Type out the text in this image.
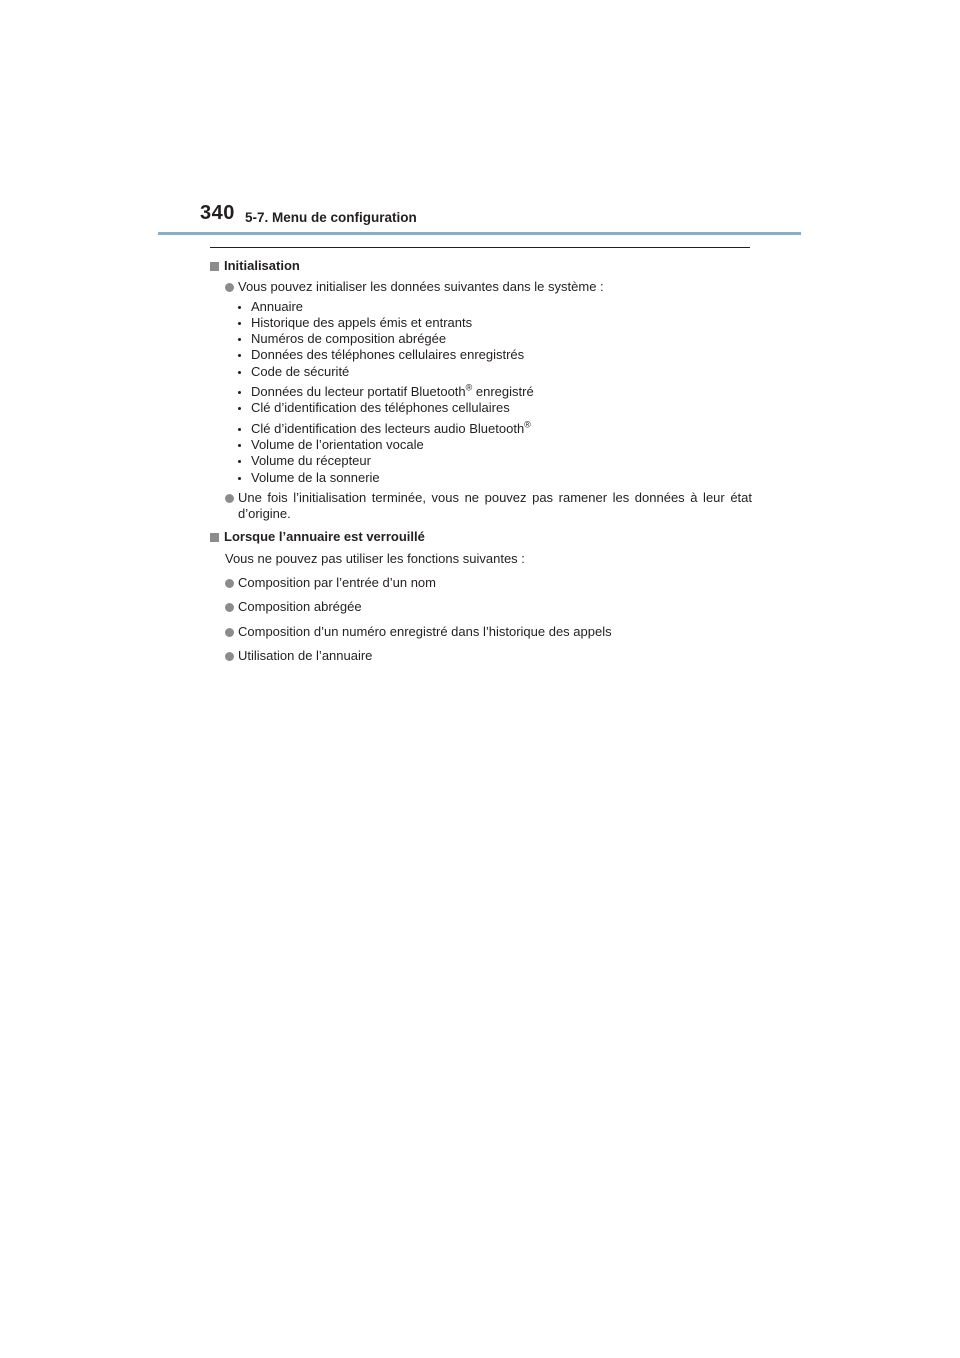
340 5-7. Menu de configuration
Initialisation
Vous pouvez initialiser les données suivantes dans le système :
Annuaire
Historique des appels émis et entrants
Numéros de composition abrégée
Données des téléphones cellulaires enregistrés
Code de sécurité
Données du lecteur portatif Bluetooth® enregistré
Clé d’identification des téléphones cellulaires
Clé d’identification des lecteurs audio Bluetooth®
Volume de l’orientation vocale
Volume du récepteur
Volume de la sonnerie
Une fois l’initialisation terminée, vous ne pouvez pas ramener les données à leur état d’origine.
Lorsque l’annuaire est verrouillé
Vous ne pouvez pas utiliser les fonctions suivantes :
Composition par l’entrée d’un nom
Composition abrégée
Composition d’un numéro enregistré dans l’historique des appels
Utilisation de l’annuaire
